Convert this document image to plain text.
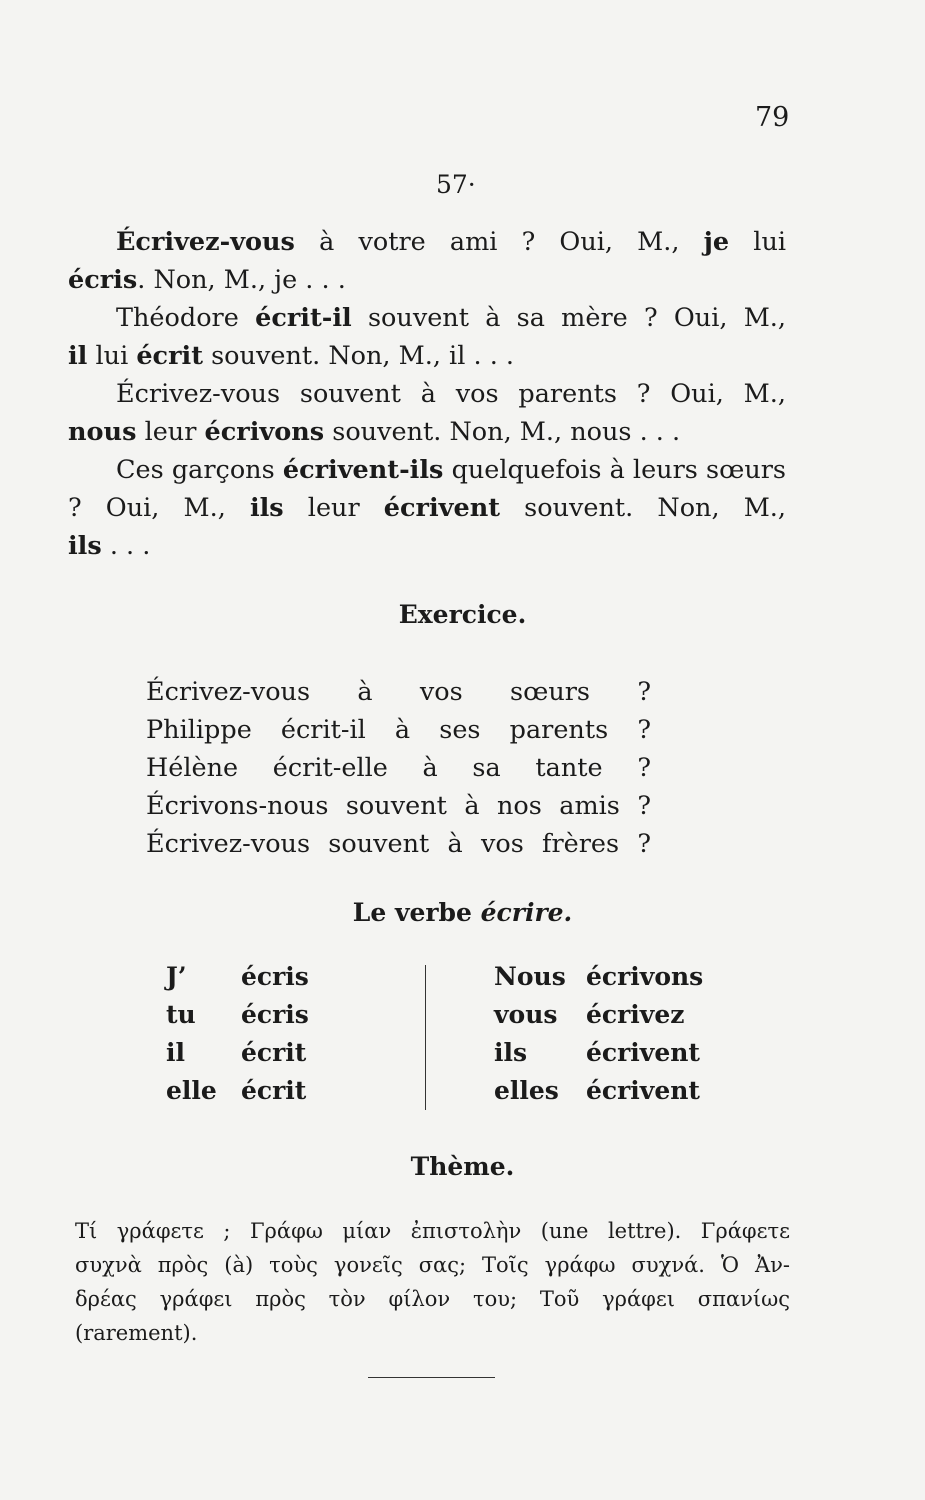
79
57·

Écrivez-vous à votre ami ? Oui, M., je lui

écris. Non, M., je . . .

Théodore écrit-il souvent à sa mère ? Oui, M.,

il lui écrit souvent. Non, M., il . . .

Écrivez-vous souvent à vos parents ? Oui, M.,

nous leur écrivons souvent. Non, M., nous . . .

Ces garçons écrivent-ils quelquefois à leurs sœurs ? Oui, M., ils leur écrivent souvent. Non, M.,

ils . . .

Exercice.
Écrivez-vous à vos sœurs ?
Philippe écrit-il à ses parents ?
Hélène écrit-elle à sa tante ?
Écrivons-nous souvent à nos amis ?
Écrivez-vous souvent à vos frères ?
Le verbe écrire.
J’
tu
il
elle
écris
écris
écrit
écrit
Nous
vous
ils
elles
écrivons
écrivez
écrivent
écrivent
Thème.
Τί γράφετε ; Γράφω μίαν ἐπιστολὴν (une lettre). Γράφετε
συχνὰ πρὸς (à) τοὺς γονεῖς σας; Τοῖς γράφω συχνά. Ὁ Ἀν-
δρέας γράφει πρὸς τὸν φίλον του; Τοῦ γράφει σπανίως
(rarement).
